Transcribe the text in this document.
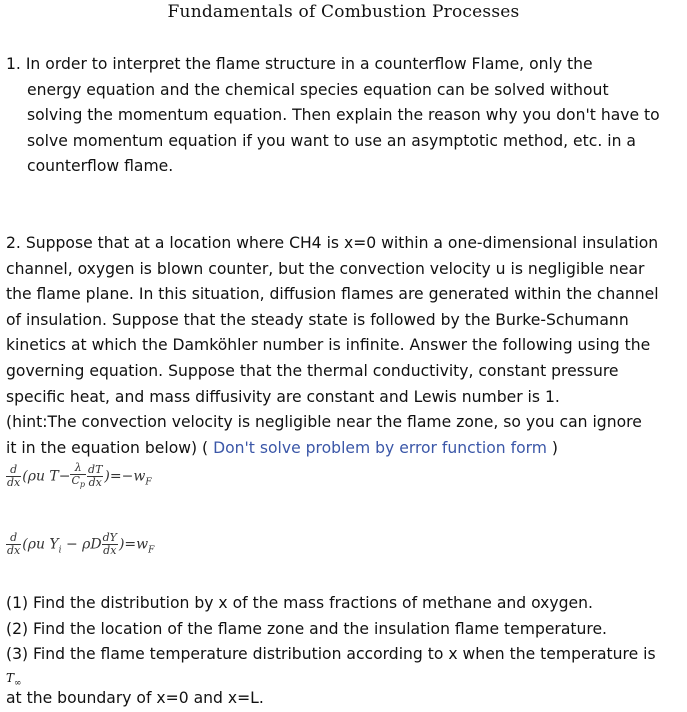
Fundamentals of Combustion Processes
1. In order to interpret the flame structure in a counterflow Flame, only the
energy equation and the chemical species equation can be solved without
solving the momentum equation. Then explain the reason why you don't have to
solve momentum equation if you want to use an asymptotic method, etc. in a
counterflow flame.
2. Suppose that at a location where CH4 is x=0 within a one-dimensional insulation
channel, oxygen is blown counter, but the convection velocity u is negligible near
the flame plane. In this situation, diffusion flames are generated within the channel
of insulation. Suppose that the steady state is followed by the Burke-Schumann
kinetics at which the Damköhler number is infinite. Answer the following using the
governing equation. Suppose that the thermal conductivity, constant pressure
specific heat, and mass diffusivity are constant and Lewis number is 1.
(hint:The convection velocity is negligible near the flame zone, so you can ignore
it in the equation below) ( Don't solve problem by error function form )
$\frac{d}{dx} (\rho u$ $T- \frac{\lambda}{C_p} \frac{dT}{dx} )=-w_F$
$\frac{d}{dx} (\rho u$ $Y_i - \rho D \frac{dY}{dx} )=w_F$
(1) Find the distribution by x of the mass fractions of methane and oxygen.
(2) Find the location of the flame zone and the insulation flame temperature.
(3) Find the flame temperature distribution according to x when the temperature is
$T_\infty$
at the boundary of x=0 and x=L.
